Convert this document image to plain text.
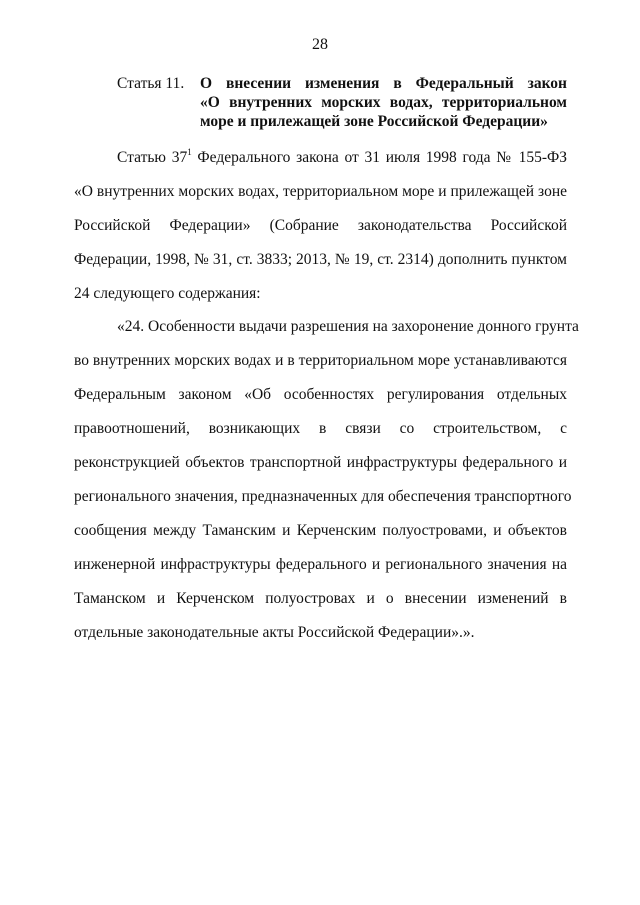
28
Статья 11. О внесении изменения в Федеральный закон
«О внутренних морских водах, территориальном
море и прилежащей зоне Российской Федерации»
Статью $37^1$ Федерального закона от 31 июля 1998 года № 155-ФЗ
«О внутренних морских водах, территориальном море и прилежащей зоне
Российской Федерации» (Собрание законодательства Российской
Федерации, 1998, № 31, ст. 3833; 2013, № 19, ст. 2314) дополнить пунктом
24 следующего содержания:
«24. Особенности выдачи разрешения на захоронение донного грунта
во внутренних морских водах и в территориальном море устанавливаются
Федеральным законом «Об особенностях регулирования отдельных
правоотношений, возникающих в связи со строительством, с
реконструкцией объектов транспортной инфраструктуры федерального и
регионального значения, предназначенных для обеспечения транспортного
сообщения между Таманским и Керченским полуостровами, и объектов
инженерной инфраструктуры федерального и регионального значения на
Таманском и Керченском полуостровах и о внесении изменений в
отдельные законодательные акты Российской Федерации».».
